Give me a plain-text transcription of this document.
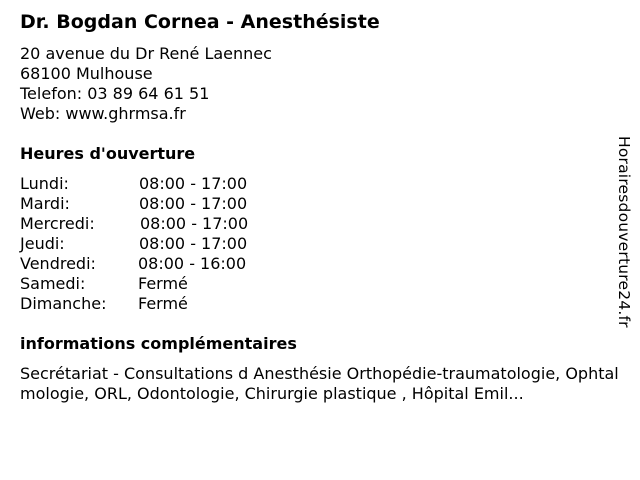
Dr. Bogdan Cornea - Anesthésiste
20 avenue du Dr René Laennec
68100 Mulhouse
Telefon: 03 89 64 61 51
Web: www.ghrmsa.fr
Heures d'ouverture
Lundi:	08:00 - 17:00
Mardi:	08:00 - 17:00
Mercredi:	08:00 - 17:00
Jeudi:	08:00 - 17:00
Vendredi:	08:00 - 16:00
Samedi:	Fermé
Dimanche: Fermé
informations complémentaires
Secrétariat - Consultations d Anesthésie Orthopédie-traumatologie, Ophtalmologie, ORL, Odontologie, Chirurgie plastique , Hôpital Emil...
Horairesdouverture24.fr
